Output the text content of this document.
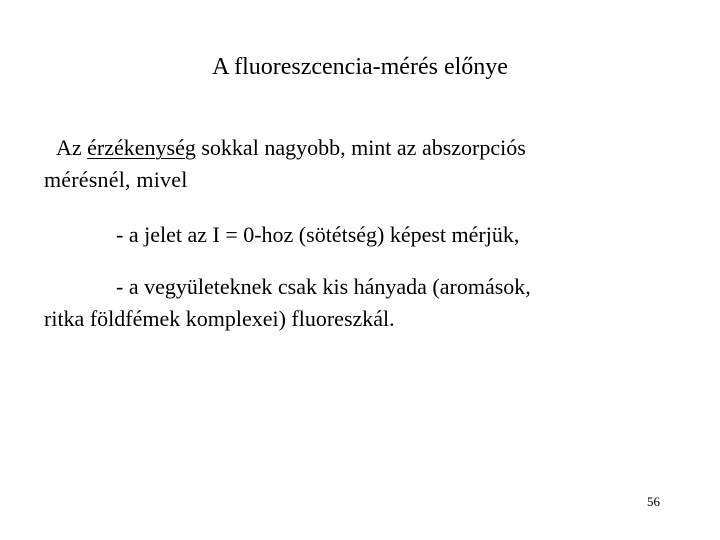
A fluoreszcencia-mérés előnye
Az érzékenység sokkal nagyobb, mint az abszorpciós
mérésnél, mivel
- a jelet az I = 0-hoz (sötétség) képest mérjük,
- a vegyületeknek csak kis hányada (aromások,
ritka földfémek komplexei) fluoreszkál.
56
